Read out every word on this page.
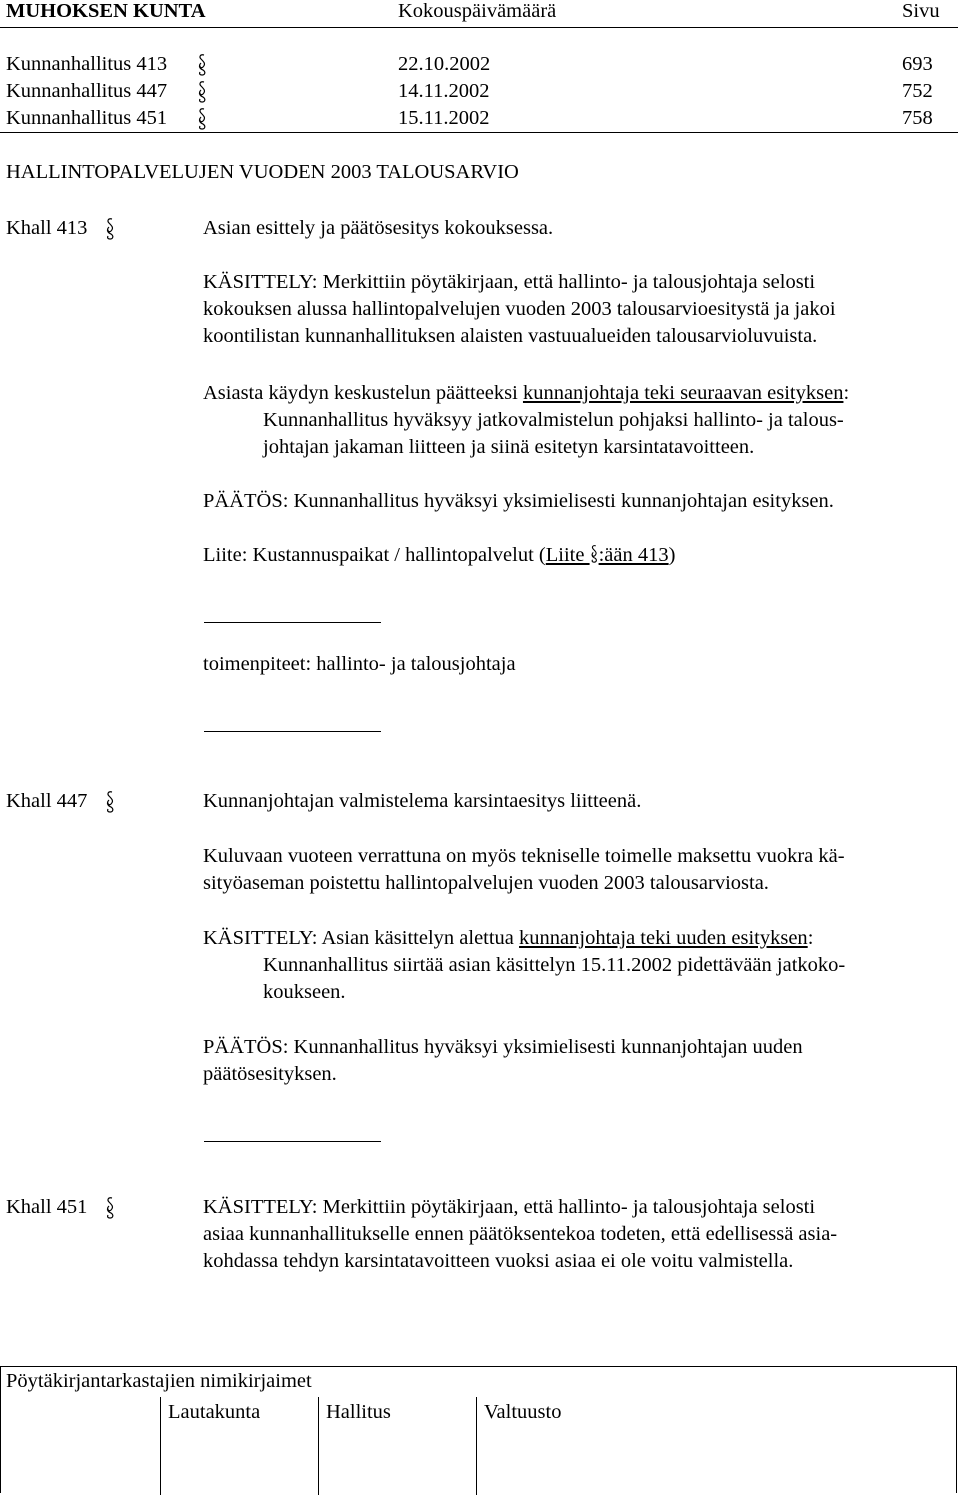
MUHOKSEN KUNTA	Kokouspäivämäärä	Sivu
Kunnanhallitus 413	22.10.2002	693
Kunnanhallitus 447	14.11.2002	752
Kunnanhallitus 451	15.11.2002	758
HALLINTOPALVELUJEN VUODEN 2003 TALOUSARVIO
Khall 413	Asian esittely ja päätösesitys kokouksessa.
KÄSITTELY: Merkittiin pöytäkirjaan, että hallinto- ja talousjohtaja selosti
kokouksen alussa hallintopalvelujen vuoden 2003 talousarvioesitystä ja jakoi
koontilistan kunnanhallituksen alaisten vastuualueiden talousarvioluvuista.
Asiasta käydyn keskustelun päätteeksi kunnanjohtaja teki seuraavan esityksen:
Kunnanhallitus hyväksyy jatkovalmistelun pohjaksi hallinto- ja talous-
johtajan jakaman liitteen ja siinä esitetyn karsintatavoitteen.
PÄÄTÖS: Kunnanhallitus hyväksyi yksimielisesti kunnanjohtajan esityksen.
Liite: Kustannuspaikat / hallintopalvelut (Liite
:ään 413)
toimenpiteet: hallinto- ja talousjohtaja
Khall 447	Kunnanjohtajan valmistelema karsintaesitys liitteenä.
Kuluvaan vuoteen verrattuna on myös tekniselle toimelle maksettu vuokra kä-
sityöaseman poistettu hallintopalvelujen vuoden 2003 talousarviosta.
KÄSITTELY: Asian käsittelyn alettua kunnanjohtaja teki uuden esityksen:
Kunnanhallitus siirtää asian käsittelyn 15.11.2002 pidettävään jatkoko-
koukseen.
PÄÄTÖS: Kunnanhallitus hyväksyi yksimielisesti kunnanjohtajan uuden
päätösesityksen.
Khall 451	KÄSITTELY: Merkittiin pöytäkirjaan, että hallinto- ja talousjohtaja selosti
asiaa kunnanhallitukselle ennen päätöksentekoa todeten, että edellisessä asia-
kohdassa tehdyn karsintatavoitteen vuoksi asiaa ei ole voitu valmistella.
Pöytäkirjantarkastajien nimikirjaimet
Lautakunta	Hallitus	Valtuusto
